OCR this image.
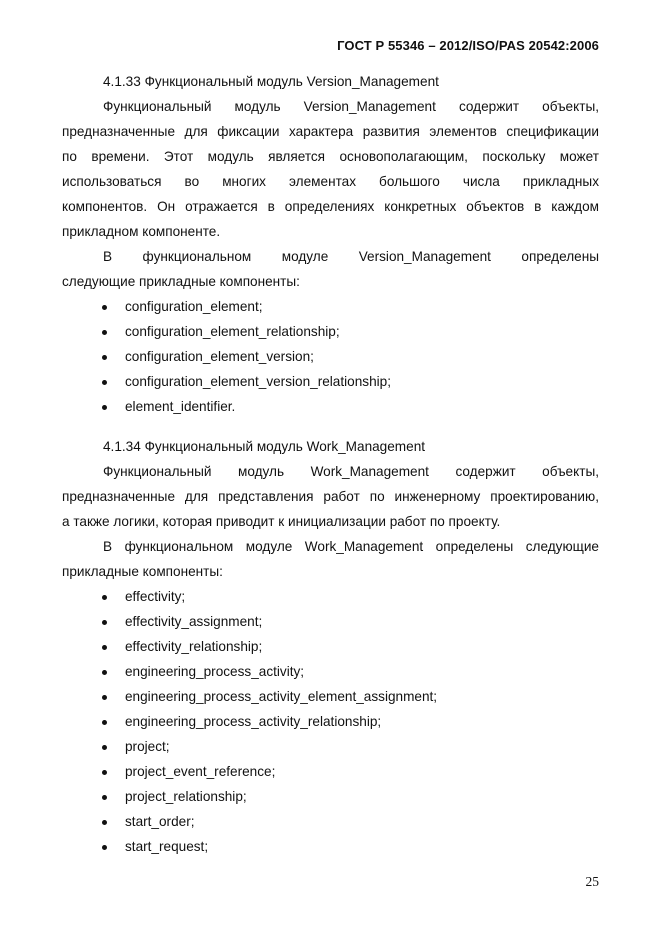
ГОСТ Р 55346 – 2012/ISO/PAS 20542:2006
4.1.33 Функциональный модуль Version_Management
Функциональный модуль Version_Management содержит объекты,
предназначенные для фиксации характера развития элементов спецификации
по времени. Этот модуль является основополагающим, поскольку может
использоваться во многих элементах большого числа прикладных
компонентов. Он отражается в определениях конкретных объектов в каждом
прикладном компоненте.
В функциональном модуле Version_Management определены
следующие прикладные компоненты:
configuration_element;
configuration_element_relationship;
configuration_element_version;
configuration_element_version_relationship;
element_identifier.
4.1.34 Функциональный модуль Work_Management
Функциональный модуль Work_Management содержит объекты,
предназначенные для представления работ по инженерному проектированию,
а также логики, которая приводит к инициализации работ по проекту.
В функциональном модуле Work_Management определены следующие
прикладные компоненты:
effectivity;
effectivity_assignment;
effectivity_relationship;
engineering_process_activity;
engineering_process_activity_element_assignment;
engineering_process_activity_relationship;
project;
project_event_reference;
project_relationship;
start_order;
start_request;
25
